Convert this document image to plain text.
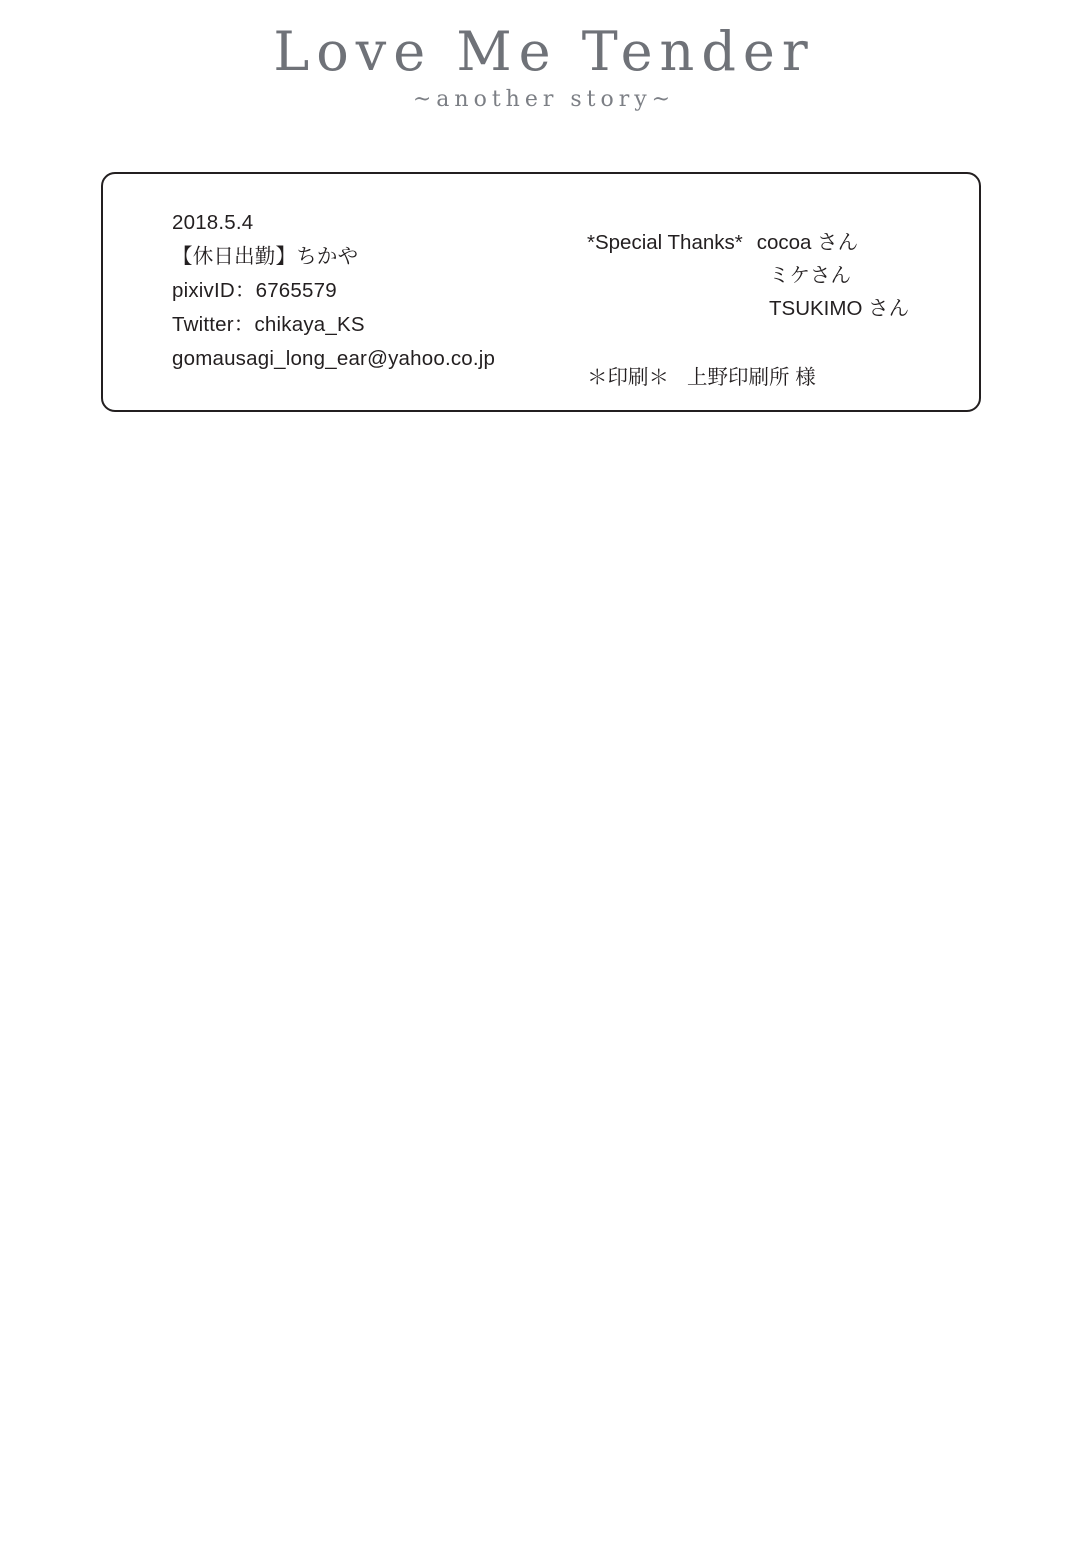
Love Me Tender
~another story~
2018.5.4
【休日出勤】ちかや
pixivID：6765579
Twitter：chikaya_KS
gomausagi_long_ear@yahoo.co.jp
*Special Thanks* cocoa さん
ミケさん
TSUKIMO さん
＊印刷＊ 上野印刷所 様
